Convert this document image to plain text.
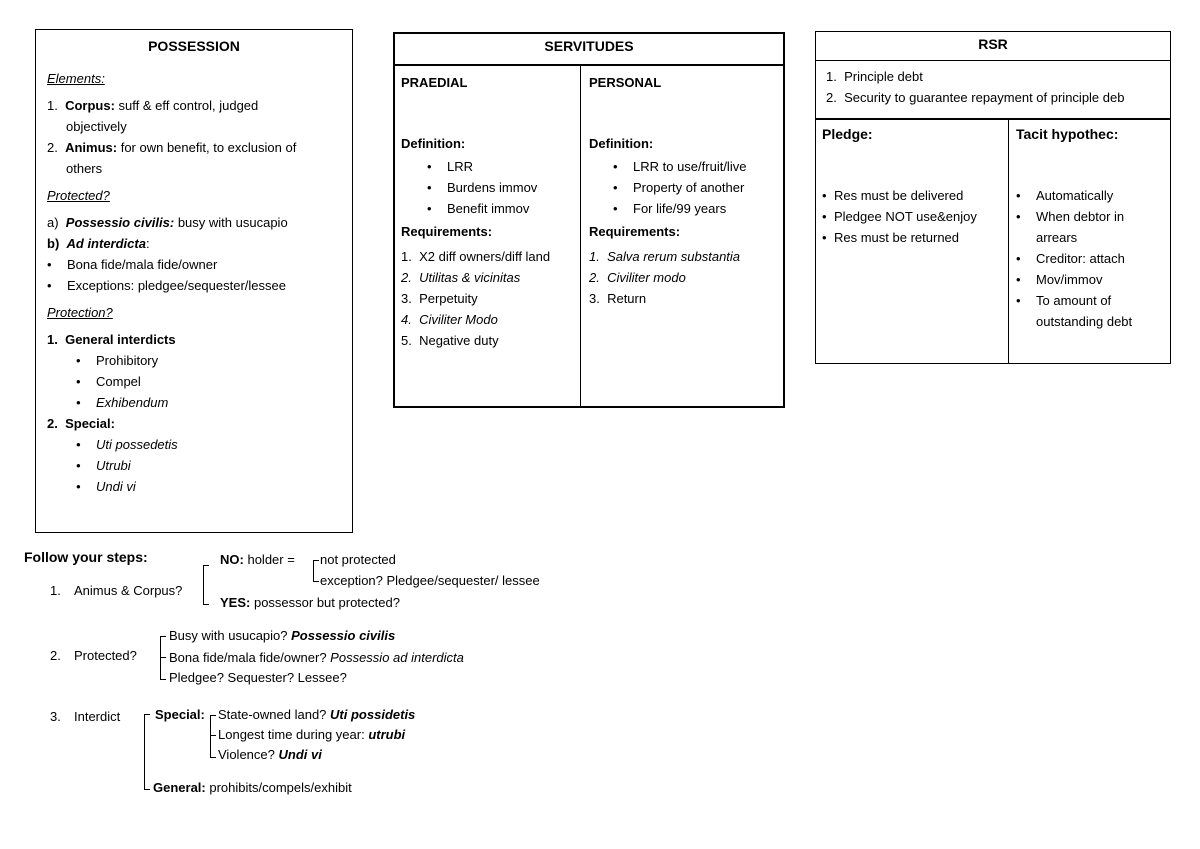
POSSESSION
Elements:
1.  Corpus: suff & eff control, judged
objectively
2.  Animus: for own benefit, to exclusion of
others
Protected?
a)  Possessio civilis: busy with usucapio
b)  Ad interdicta:
• Bona fide/mala fide/owner
• Exceptions: pledgee/sequester/lessee
Protection?
1.  General interdicts
• Prohibitory
• Compel
• Exhibendum
2.  Special:
• Uti possedetis
• Utrubi
• Undi vi
SERVITUDES
PRAEDIAL
Definition:
• LRR
• Burdens immov
• Benefit immov
Requirements:
1.  X2 diff owners/diff land
2.  Utilitas & vicinitas
3.  Perpetuity
4.  Civiliter Modo
5.  Negative duty
PERSONAL
Definition:
• LRR to use/fruit/live
• Property of another
• For life/99 years
Requirements:
1.  Salva rerum substantia
2.  Civiliter modo
3.  Return
RSR
1.  Principle debt
2.  Security to guarantee repayment of principle deb
Pledge:
• Res must be delivered
• Pledgee NOT use&enjoy
• Res must be returned
Tacit hypothec:
• Automatically
• When debtor in
arrears
• Creditor: attach
• Mov/immov
• To amount of
outstanding debt
Follow your steps:
1. Animus & Corpus?
NO: holder = not protected
exception? Pledgee/sequester/ lessee
YES: possessor but protected?
2. Protected?
Busy with usucapio? Possessio civilis
Bona fide/mala fide/owner? Possessio ad interdicta
Pledgee? Sequester? Lessee?
3. Interdict	Special: State-owned land? Uti possidetis
Longest time during year: utrubi
Violence? Undi vi
General: prohibits/compels/exhibit
